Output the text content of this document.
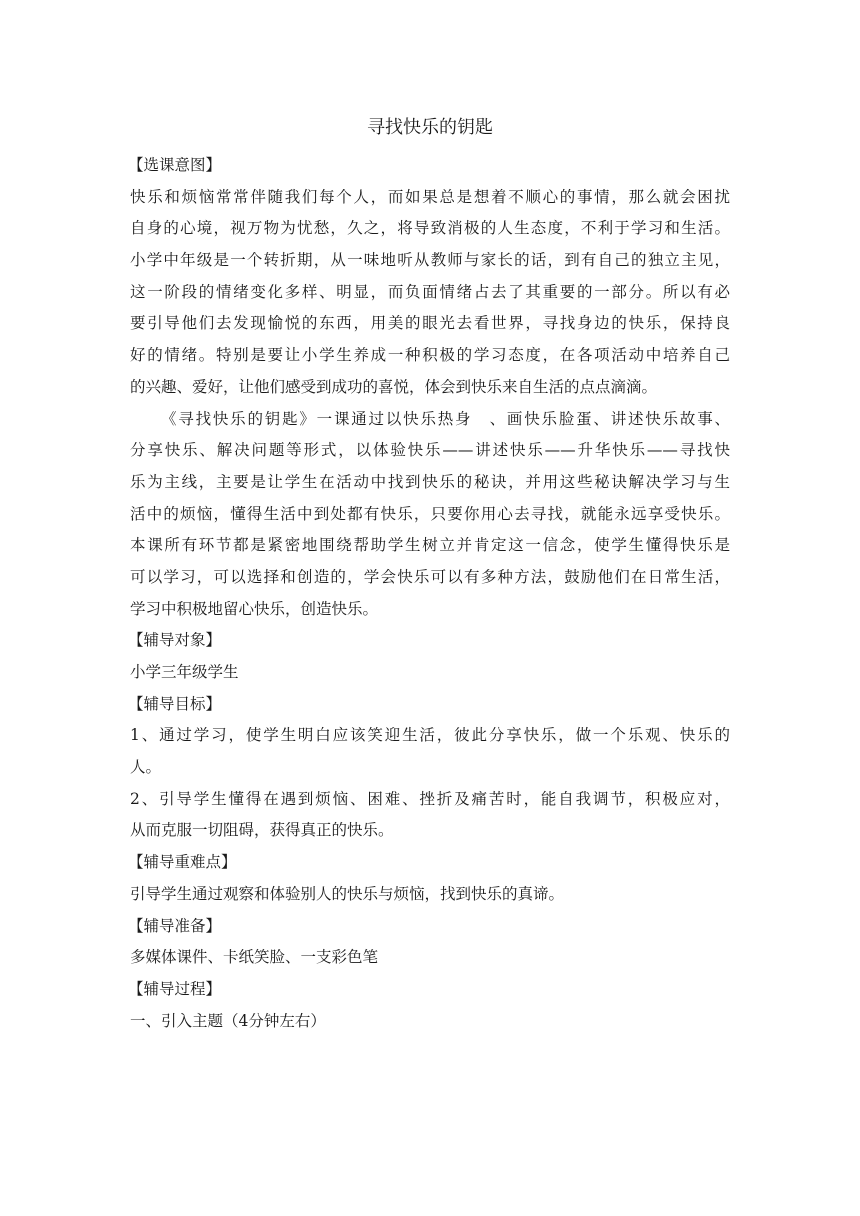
寻找快乐的钥匙
【选课意图】
快乐和烦恼常常伴随我们每个人，而如果总是想着不顺心的事情，那么就会困扰
自身的心境，视万物为忧愁，久之，将导致消极的人生态度，不利于学习和生活。
小学中年级是一个转折期，从一味地听从教师与家长的话，到有自己的独立主见，
这一阶段的情绪变化多样、明显，而负面情绪占去了其重要的一部分。所以有必
要引导他们去发现愉悦的东西，用美的眼光去看世界，寻找身边的快乐，保持良
好的情绪。特别是要让小学生养成一种积极的学习态度，在各项活动中培养自己
的兴趣、爱好，让他们感受到成功的喜悦，体会到快乐来自生活的点点滴滴。
《寻找快乐的钥匙》一课通过以快乐热身　、画快乐脸蛋、讲述快乐故事、
分享快乐、解决问题等形式，以体验快乐——讲述快乐——升华快乐——寻找快
乐为主线，主要是让学生在活动中找到快乐的秘诀，并用这些秘诀解决学习与生
活中的烦恼，懂得生活中到处都有快乐，只要你用心去寻找，就能永远享受快乐。
本课所有环节都是紧密地围绕帮助学生树立并肯定这一信念，使学生懂得快乐是
可以学习，可以选择和创造的，学会快乐可以有多种方法，鼓励他们在日常生活，
学习中积极地留心快乐，创造快乐。
【辅导对象】
小学三年级学生
【辅导目标】
1、通过学习，使学生明白应该笑迎生活，彼此分享快乐，做一个乐观、快乐的
人。
2、引导学生懂得在遇到烦恼、困难、挫折及痛苦时，能自我调节，积极应对，
从而克服一切阻碍，获得真正的快乐。
【辅导重难点】
引导学生通过观察和体验别人的快乐与烦恼，找到快乐的真谛。
【辅导准备】
多媒体课件、卡纸笑脸、一支彩色笔
【辅导过程】
一、引入主题（4分钟左右）
